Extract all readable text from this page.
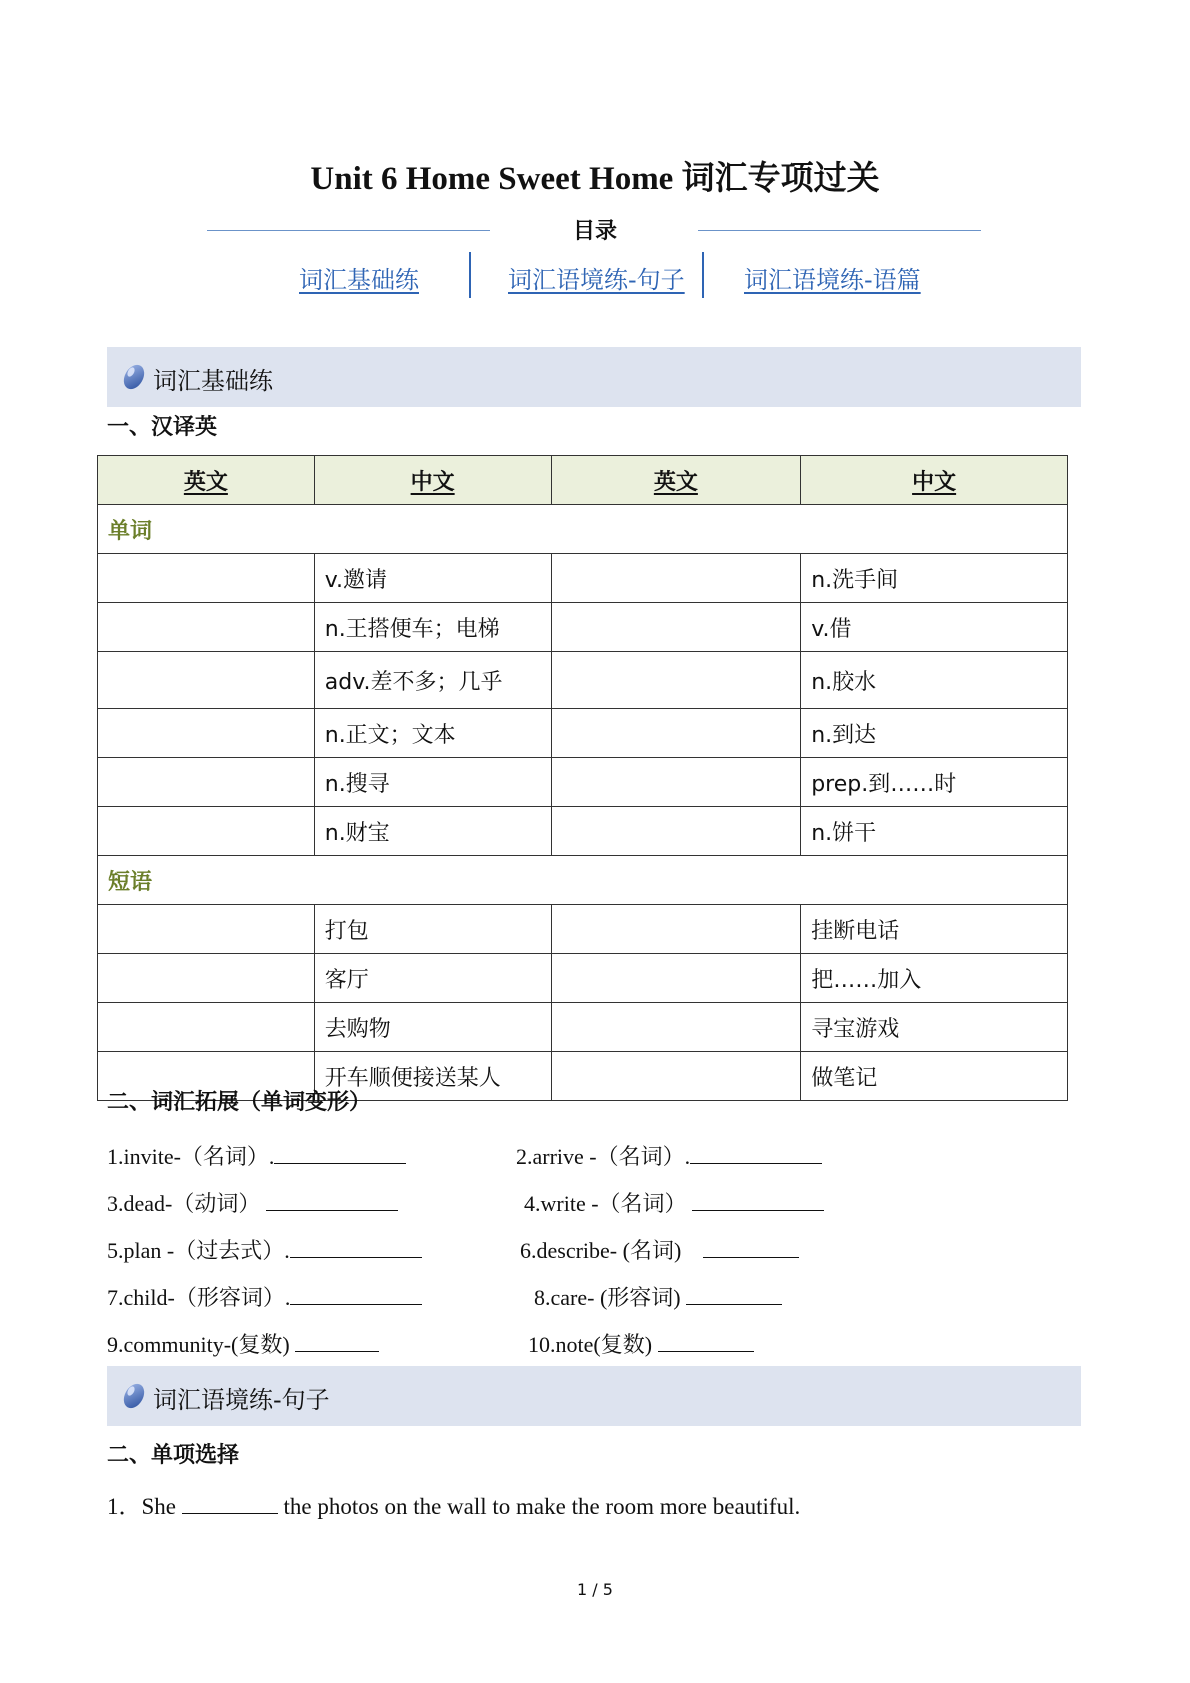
Unit 6 Home Sweet Home 词汇专项过关
目录
词汇基础练	词汇语境练-句子 词汇语境练-语篇
词汇基础练
一、汉译英
英文	中文	英文	中文
单词			
	v.邀请		n.洗手间
	n.王搭便车；电梯		v.借
	adv.差不多；几乎		n.胶水
	n.正文；文本		n.到达
	n.搜寻		prep.到……时
	n.财宝		n.饼干
短语			
	打包		挂断电话
	客厅		把……加入
	去购物		寻宝游戏
	开车顺便接送某人		做笔记
二、词汇拓展（单词变形）
1.invite-（名词）.	2.arrive -（名词）.
3.dead-（动词）	4.write -（名词）
5.plan -（过去式）.	6.describe- (名词)
7.child-（形容词）.	8.care- (形容词)
9.community-(复数)	10.note(复数)
词汇语境练-句子
二、单项选择
1．She	the photos on the wall to make the room more beautiful.
1 / 5
